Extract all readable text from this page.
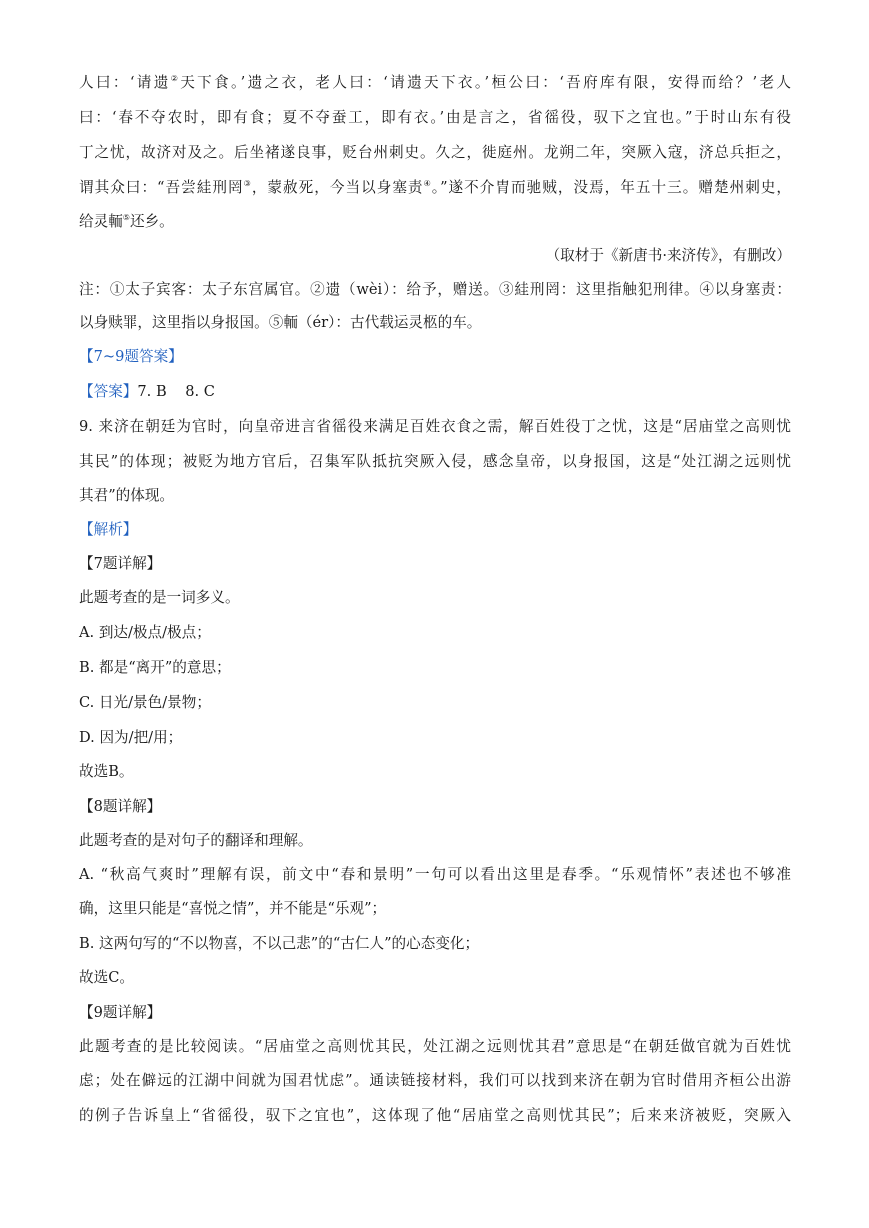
人曰：‘请遗②天下食。’遗之衣，老人曰：‘请遗天下衣。’桓公曰：‘吾府库有限，安得而给？’老人
曰：‘春不夺农时，即有食；夏不夺蚕工，即有衣。’由是言之，省徭役，驭下之宜也。”于时山东有役
丁之忧，故济对及之。后坐褚遂良事，贬台州刺史。久之，徙庭州。龙朔二年，突厥入寇，济总兵拒之，
谓其众曰：“吾尝絓刑罔③，蒙赦死，今当以身塞责④。”遂不介胄而驰贼，没焉，年五十三。赠楚州刺史，
给灵輀⑤还乡。
（取材于《新唐书·来济传》，有删改）
注：①太子宾客：太子东宫属官。②遗（wèi）：给予，赠送。③絓刑罔：这里指触犯刑律。④以身塞责：
以身赎罪，这里指以身报国。⑤輀（ér）：古代载运灵柩的车。
【7~9题答案】
【答案】7. B    8. C
9. 来济在朝廷为官时，向皇帝进言省徭役来满足百姓衣食之需，解百姓役丁之忧，这是“居庙堂之高则忧
其民”的体现；被贬为地方官后，召集军队抵抗突厥入侵，感念皇帝，以身报国，这是“处江湖之远则忧
其君”的体现。
【解析】
【7题详解】
此题考查的是一词多义。
A. 到达/极点/极点；
B. 都是“离开”的意思；
C. 日光/景色/景物；
D. 因为/把/用；
故选B。
【8题详解】
此题考查的是对句子的翻译和理解。
A. “秋高气爽时”理解有误，前文中“春和景明”一句可以看出这里是春季。“乐观情怀”表述也不够准
确，这里只能是“喜悦之情”，并不能是“乐观”；
B. 这两句写的“不以物喜，不以己悲”的“古仁人”的心态变化；
故选C。
【9题详解】
此题考查的是比较阅读。“居庙堂之高则忧其民，处江湖之远则忧其君”意思是“在朝廷做官就为百姓忧
虑；处在僻远的江湖中间就为国君忧虑”。通读链接材料，我们可以找到来济在朝为官时借用齐桓公出游
的例子告诉皇上“省徭役，驭下之宜也”，这体现了他“居庙堂之高则忧其民”；后来来济被贬，突厥入
